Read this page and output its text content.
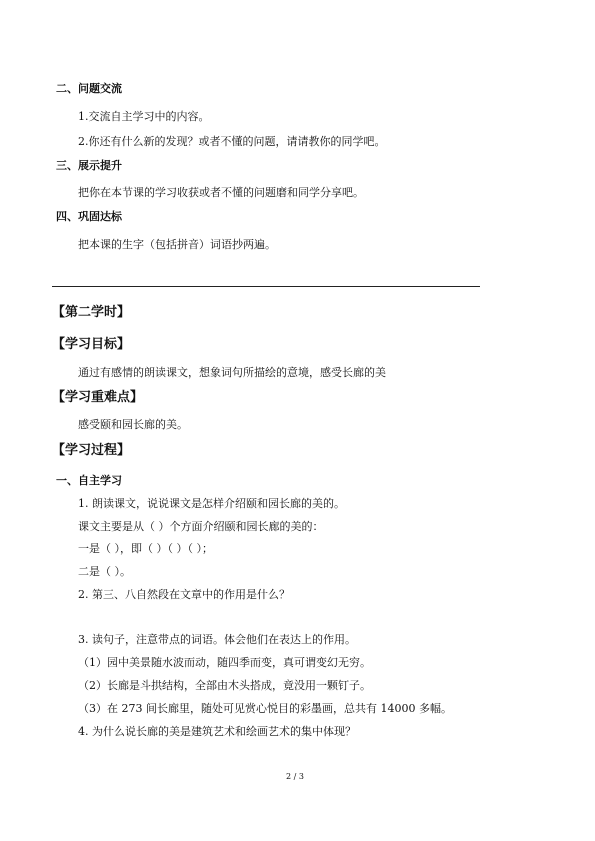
二、问题交流
1.交流自主学习中的内容。
2.你还有什么新的发现？或者不懂的问题，请请教你的同学吧。
三、展示提升
把你在本节课的学习收获或者不懂的问题磨和同学分享吧。
四、巩固达标
把本课的生字（包括拼音）词语抄两遍。
【第二学时】
【学习目标】
通过有感情的朗读课文，想象词句所描绘的意境，感受长廊的美
【学习重难点】
感受颐和园长廊的美。
【学习过程】
一、自主学习
1. 朗读课文，说说课文是怎样介绍颐和园长廊的美的。
课文主要是从（ ）个方面介绍颐和园长廊的美的：
一是（ ），即（ ）（ ）（ ）；
二是（ ）。
2. 第三、八自然段在文章中的作用是什么？
3. 读句子，注意带点的词语。体会他们在表达上的作用。
（1）园中美景随水波而动，随四季而变，真可谓变幻无穷。
（2）长廊是斗拱结构，全部由木头搭成，竟没用一颗钉子。
（3）在 273 间长廊里，随处可见赏心悦目的彩墨画，总共有 14000 多幅。
4. 为什么说长廊的美是建筑艺术和绘画艺术的集中体现？
2 / 3
